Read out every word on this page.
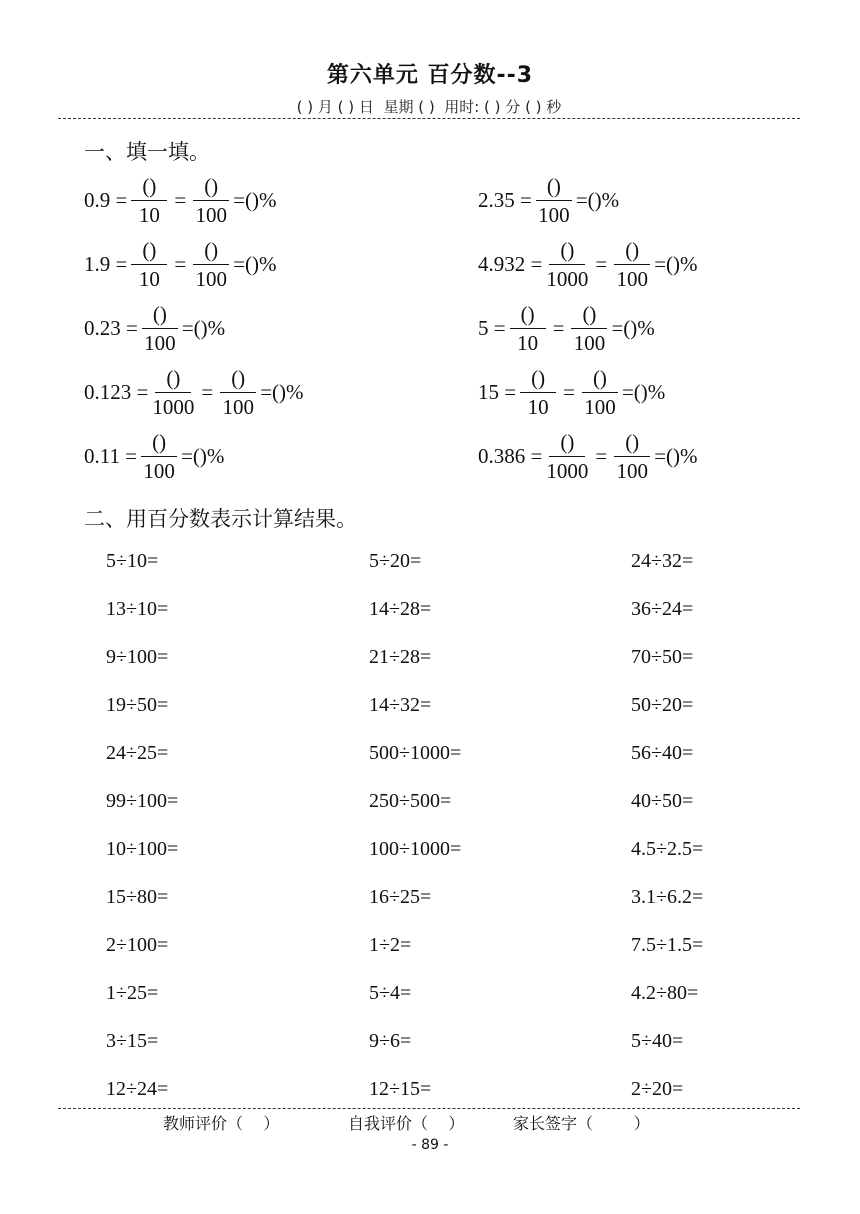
第六单元 百分数--3
( ) 月 ( ) 日  星期 ( )  用时: ( ) 分 ( ) 秒
一、填一填。
$0.9 = \frac{()}{10} = \frac{()}{100}$ =()%	$2.35 = \frac{()}{100}$ =()%
$1.9 = \frac{()}{10} = \frac{()}{100}$ =()%	$4.932 = \frac{()}{1000} = \frac{()}{100}$ =()%
$0.23 = \frac{()}{100}$ =()%	$5 = \frac{()}{10} = \frac{()}{100}$ =()%
$0.123 = \frac{()}{1000} = \frac{()}{100}$ =()%	$15 = \frac{()}{10} = \frac{()}{100}$ =()%
$0.11 = \frac{()}{100}$ =()%	$0.386 = \frac{()}{1000} = \frac{()}{100}$ =()%
二、用百分数表示计算结果。
5÷10=	5÷20=	24÷32=
13÷10=	14÷28=	36÷24=
9÷100=	21÷28=	70÷50=
19÷50=	14÷32=	50÷20=
24÷25=	500÷1000=	56÷40=
99÷100=	250÷500=	40÷50=
10÷100=	100÷1000=	4.5÷2.5=
15÷80=	16÷25=	3.1÷6.2=
2÷100=	1÷2=	7.5÷1.5=
1÷25=	5÷4=	4.2÷80=
3÷15=	9÷6=	5÷40=
12÷24=	12÷15=	2÷20=
教师评价（    ）	自我评价（    ）	家长签字（        ）
- 89 -
